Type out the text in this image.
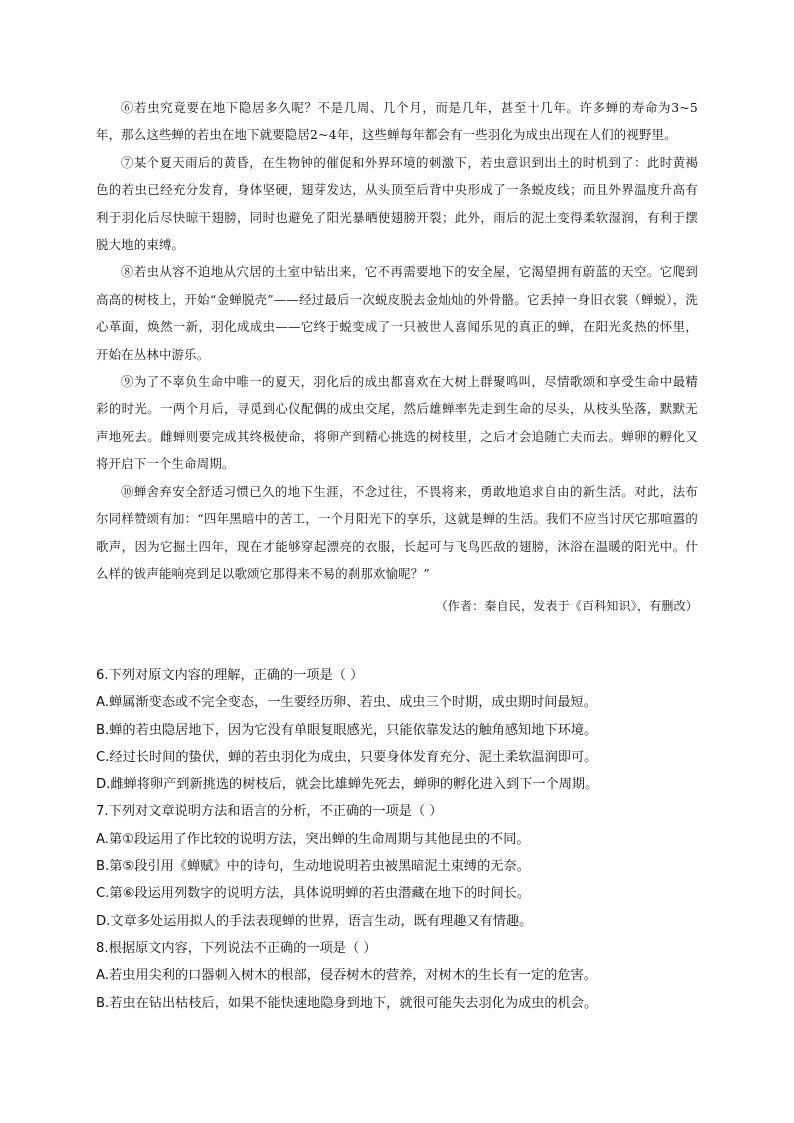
⑥若虫究竟要在地下隐居多久呢？不是几周、几个月，而是几年，甚至十几年。许多蝉的寿命为3~5年，那么这些蝉的若虫在地下就要隐居2~4年，这些蝉每年都会有一些羽化为成虫出现在人们的视野里。

⑦某个夏天雨后的黄昏，在生物钟的催促和外界环境的刺激下，若虫意识到出土的时机到了：此时黄褐色的若虫已经充分发育，身体坚硬，翅芽发达，从头顶至后背中央形成了一条蜕皮线；而且外界温度升高有利于羽化后尽快晾干翅膀，同时也避免了阳光暴晒使翅膀开裂；此外，雨后的泥土变得柔软湿润，有利于摆脱大地的束缚。

⑧若虫从容不迫地从穴居的土室中钻出来，它不再需要地下的安全屋，它渴望拥有蔚蓝的天空。它爬到高高的树枝上，开始“金蝉脱壳”——经过最后一次蜕皮脱去金灿灿的外骨骼。它丢掉一身旧衣裳（蝉蜕），洗心革面，焕然一新，羽化成成虫——它终于蜕变成了一只被世人喜闻乐见的真正的蝉，在阳光炙热的怀里，开始在丛林中游乐。

⑨为了不辜负生命中唯一的夏天，羽化后的成虫都喜欢在大树上群聚鸣叫，尽情歌颂和享受生命中最精彩的时光。一两个月后，寻觅到心仪配偶的成虫交尾，然后雄蝉率先走到生命的尽头，从枝头坠落，默默无声地死去。雌蝉则要完成其终极使命，将卵产到精心挑选的树枝里，之后才会追随亡夫而去。蝉卵的孵化又将开启下一个生命周期。

⑩蝉舍弃安全舒适习惯已久的地下生涯，不念过往，不畏将来，勇敢地追求自由的新生活。对此，法布尔同样赞颂有加：“四年黑暗中的苦工，一个月阳光下的享乐，这就是蝉的生活。我们不应当讨厌它那喧嚣的歌声，因为它掘土四年，现在才能够穿起漂亮的衣服，长起可与飞鸟匹敌的翅膀，沐浴在温暖的阳光中。什么样的钹声能响亮到足以歌颂它那得来不易的刹那欢愉呢？”

（作者：秦自民，发表于《百科知识》，有删改）
6.下列对原文内容的理解，正确的一项是（ ）
A.蝉属渐变态或不完全变态，一生要经历卵、若虫、成虫三个时期，成虫期时间最短。
B.蝉的若虫隐居地下，因为它没有单眼复眼感光，只能依靠发达的触角感知地下环境。
C.经过长时间的蛰伏，蝉的若虫羽化为成虫，只要身体发育充分、泥土柔软温润即可。
D.雌蝉将卵产到新挑选的树枝后，就会比雄蝉先死去，蝉卵的孵化进入到下一个周期。
7.下列对文章说明方法和语言的分析，不正确的一项是（ ）
A.第①段运用了作比较的说明方法，突出蝉的生命周期与其他昆虫的不同。
B.第⑤段引用《蝉赋》中的诗句，生动地说明若虫被黑暗泥土束缚的无奈。
C.第⑥段运用列数字的说明方法，具体说明蝉的若虫潜藏在地下的时间长。
D.文章多处运用拟人的手法表现蝉的世界，语言生动，既有理趣又有情趣。
8.根据原文内容，下列说法不正确的一项是（ ）
A.若虫用尖利的口器刺入树木的根部，侵吞树木的营养，对树木的生长有一定的危害。
B.若虫在钻出枯枝后，如果不能快速地隐身到地下，就很可能失去羽化为成虫的机会。
